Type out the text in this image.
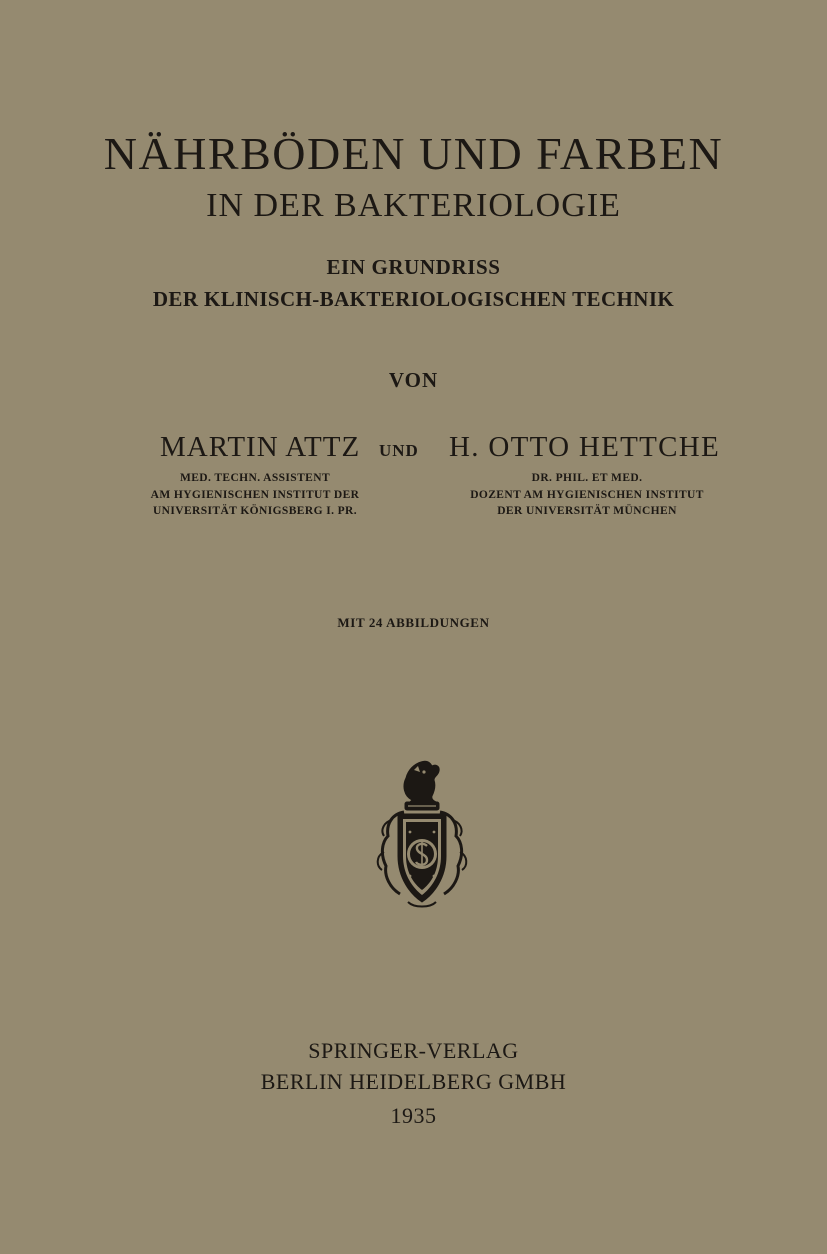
NÄHRBÖDEN UND FARBEN
IN DER BAKTERIOLOGIE
EIN GRUNDRISS
DER KLINISCH-BAKTERIOLOGISCHEN TECHNIK
VON
MARTIN ATTZ UND H. OTTO HETTCHE
MED. TECHN. ASSISTENT
AM HYGIENISCHEN INSTITUT DER
UNIVERSITÄT KÖNIGSBERG I. PR.
DR. PHIL. ET MED.
DOZENT AM HYGIENISCHEN INSTITUT
DER UNIVERSITÄT MÜNCHEN
MIT 24 ABBILDUNGEN
SPRINGER-VERLAG
BERLIN HEIDELBERG GMBH
1935
